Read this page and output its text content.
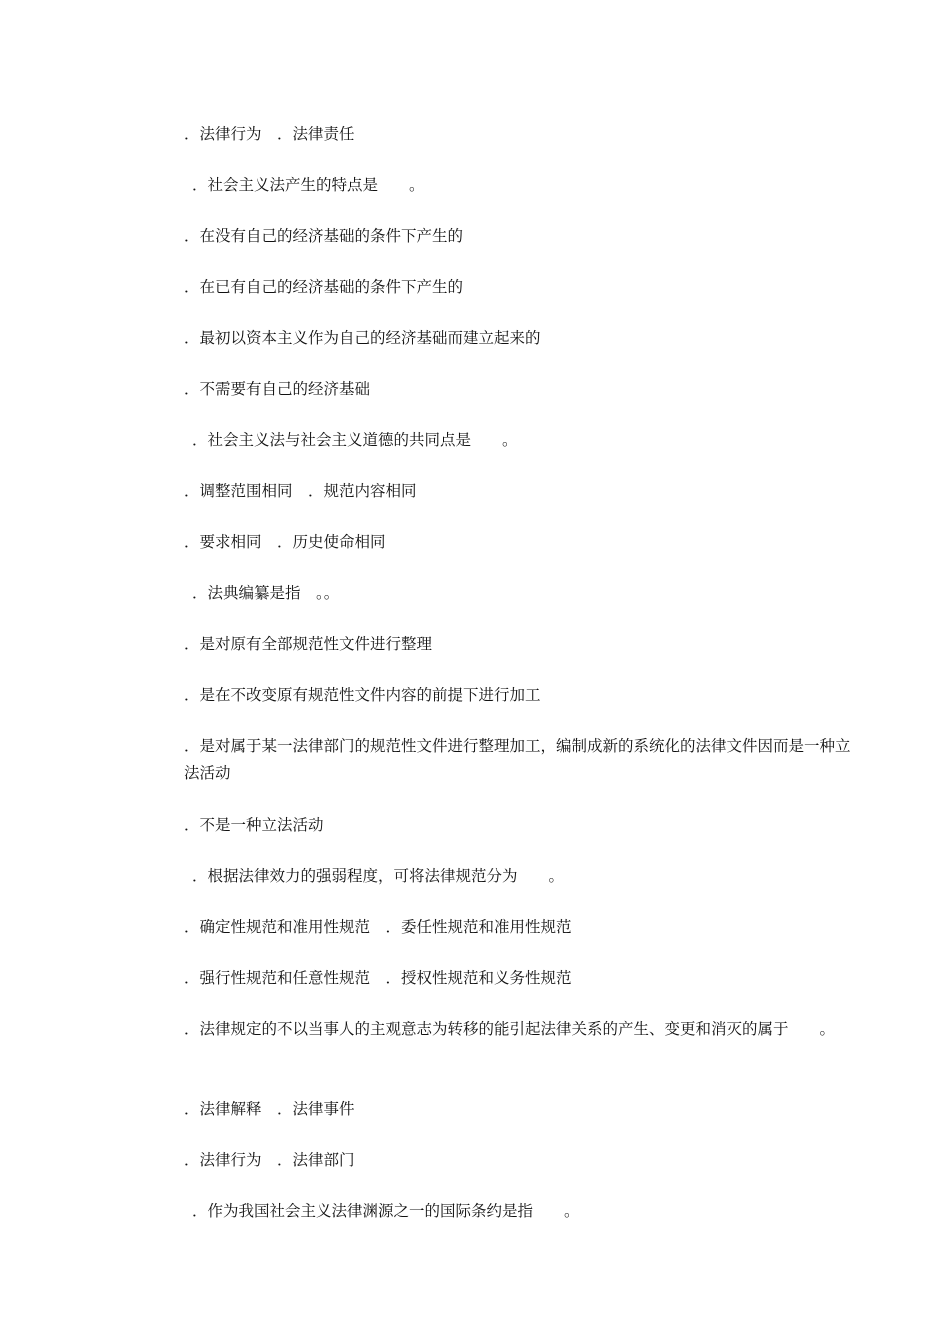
．法律行为　．法律责任
．社会主义法产生的特点是　　。
．在没有自己的经济基础的条件下产生的
．在已有自己的经济基础的条件下产生的
．最初以资本主义作为自己的经济基础而建立起来的
．不需要有自己的经济基础
．社会主义法与社会主义道德的共同点是　　。
．调整范围相同　．规范内容相同
．要求相同　．历史使命相同
．法典编纂是指　。。
．是对原有全部规范性文件进行整理
．是在不改变原有规范性文件内容的前提下进行加工
．是对属于某一法律部门的规范性文件进行整理加工，编制成新的系统化的法律文件因而是一种立法活动
．不是一种立法活动
．根据法律效力的强弱程度，可将法律规范分为　　。
．确定性规范和准用性规范　．委任性规范和准用性规范
．强行性规范和任意性规范　．授权性规范和义务性规范
．法律规定的不以当事人的主观意志为转移的能引起法律关系的产生、变更和消灭的属于　　。
．法律解释　．法律事件
．法律行为　．法律部门
．作为我国社会主义法律渊源之一的国际条约是指　　。
